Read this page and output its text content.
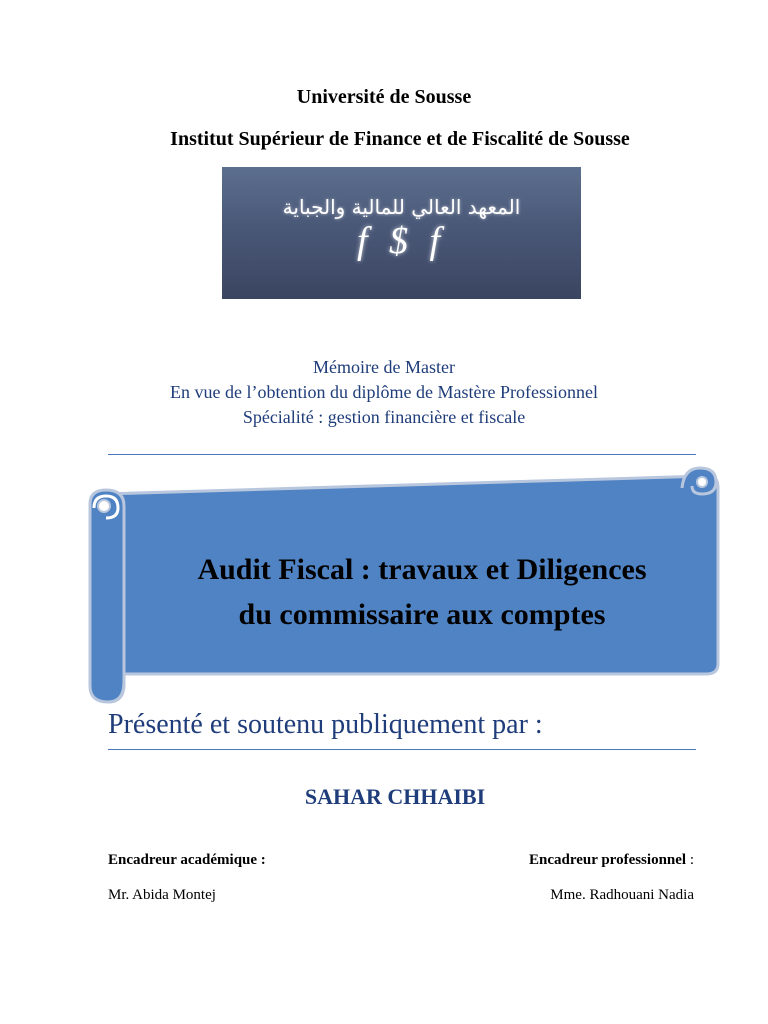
Université de Sousse
Institut Supérieur de Finance et de Fiscalité de Sousse
المعهد العالي للمالية والجباية
f $ f
Mémoire de Master
En vue de l’obtention du diplôme de Mastère Professionnel
Spécialité : gestion financière et fiscale
Audit Fiscal : travaux et Diligences
du commissaire aux comptes
Présenté et soutenu publiquement par :
SAHAR CHHAIBI
Encadreur académique :	Encadreur professionnel :
Mr. Abida Montej	Mme. Radhouani Nadia
